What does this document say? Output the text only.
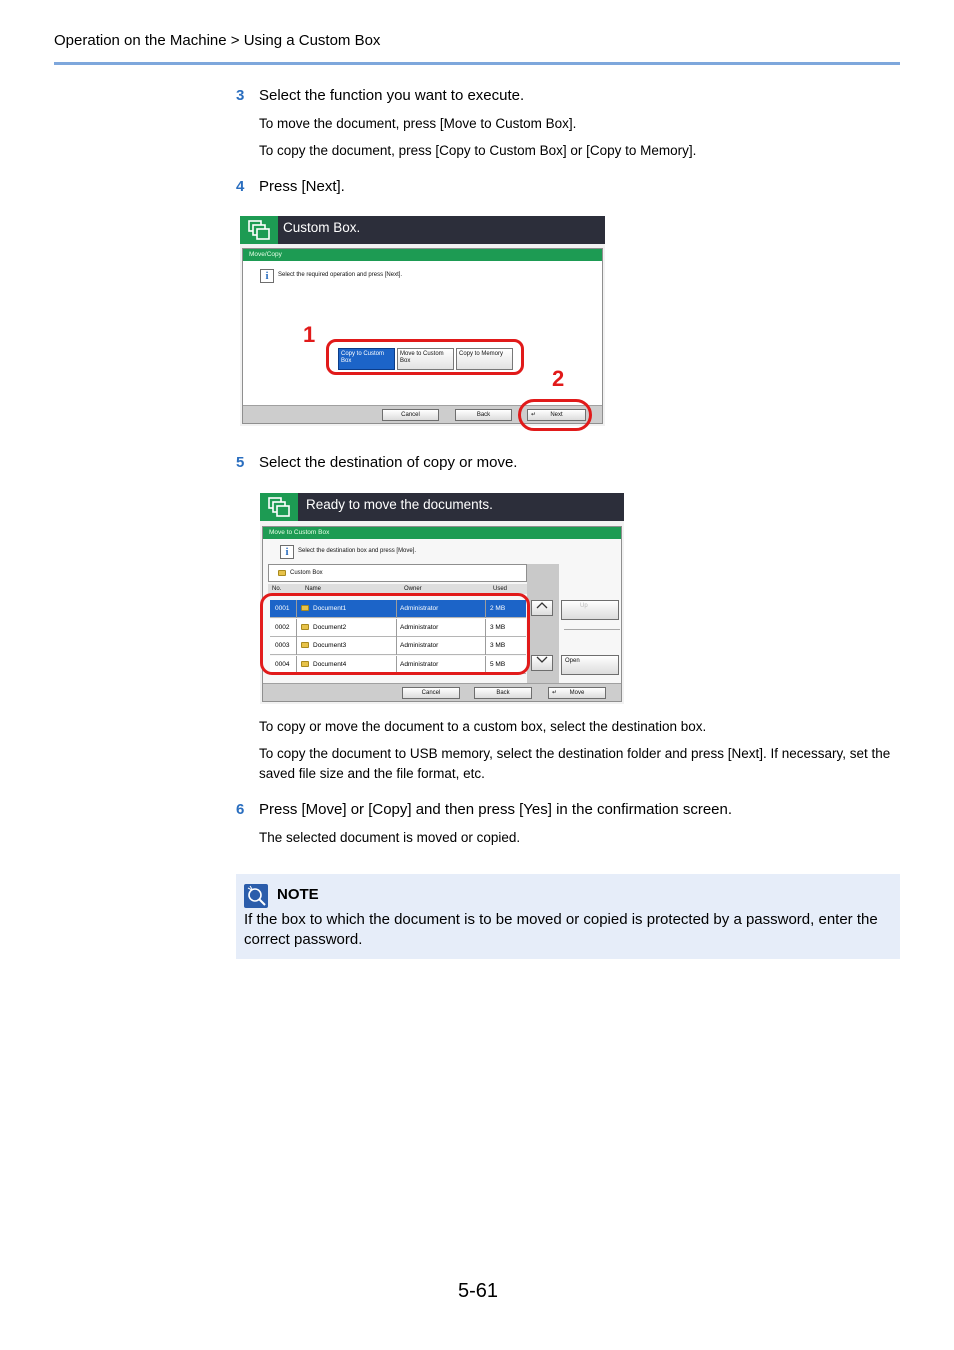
Operation on the Machine > Using a Custom Box
3 Select the function you want to execute.
To move the document, press [Move to Custom Box].
To copy the document, press [Copy to Custom Box] or [Copy to Memory].
4 Press [Next].
Custom Box.
Move/Copy
i	Select the required operation and press [Next].
Copy to Custom Box
Move to Custom Box
Copy to Memory
Cancel	Back	↵ Next
1
2
5 Select the destination of copy or move.
Ready to move the documents.
Move to Custom Box
i	Select the destination box and press [Move].
Custom Box
No.	Name	Owner	Used
Up
Open
Cancel	Back	↵ Move
0001	Document1	Administrator	2 MB
0002	Document2	Administrator	3 MB
0003	Document3	Administrator	3 MB
0004	Document4	Administrator	5 MB
To copy or move the document to a custom box, select the destination box.
To copy the document to USB memory, select the destination folder and press [Next]. If necessary, set the saved file size and the file format, etc.
6 Press [Move] or [Copy] and then press [Yes] in the confirmation screen.
The selected document is moved or copied.
NOTE
If the box to which the document is to be moved or copied is protected by a password, enter the correct password.
5-61
